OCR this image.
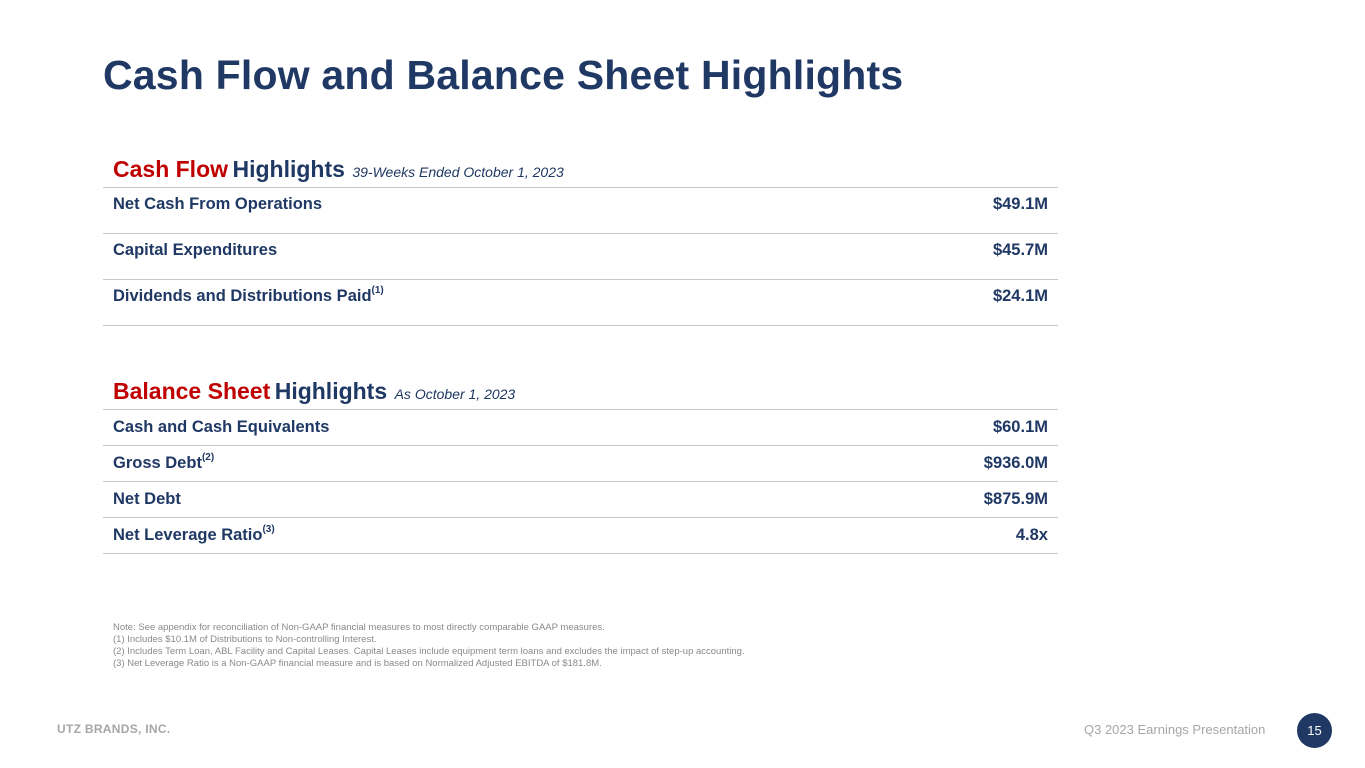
Cash Flow and Balance Sheet Highlights
Cash Flow Highlights 39-Weeks Ended October 1, 2023
Net Cash From Operations	$49.1M
Capital Expenditures	$45.7M
Dividends and Distributions Paid$^{(1)}$	$24.1M
Balance Sheet Highlights As October 1, 2023
Cash and Cash Equivalents	$60.1M
Gross Debt$^{(2)}$	$936.0M
Net Debt	$875.9M
Net Leverage Ratio$^{(3)}$	4.8x
Note: See appendix for reconciliation of Non-GAAP financial measures to most directly comparable GAAP measures.
(1) Includes $10.1M of Distributions to Non-controlling Interest.
(2) Includes Term Loan, ABL Facility and Capital Leases. Capital Leases include equipment term loans and excludes the impact of step-up accounting.
(3) Net Leverage Ratio is a Non-GAAP financial measure and is based on Normalized Adjusted EBITDA of $181.8M.
UTZ BRANDS, INC.	Q3 2023 Earnings Presentation	15
